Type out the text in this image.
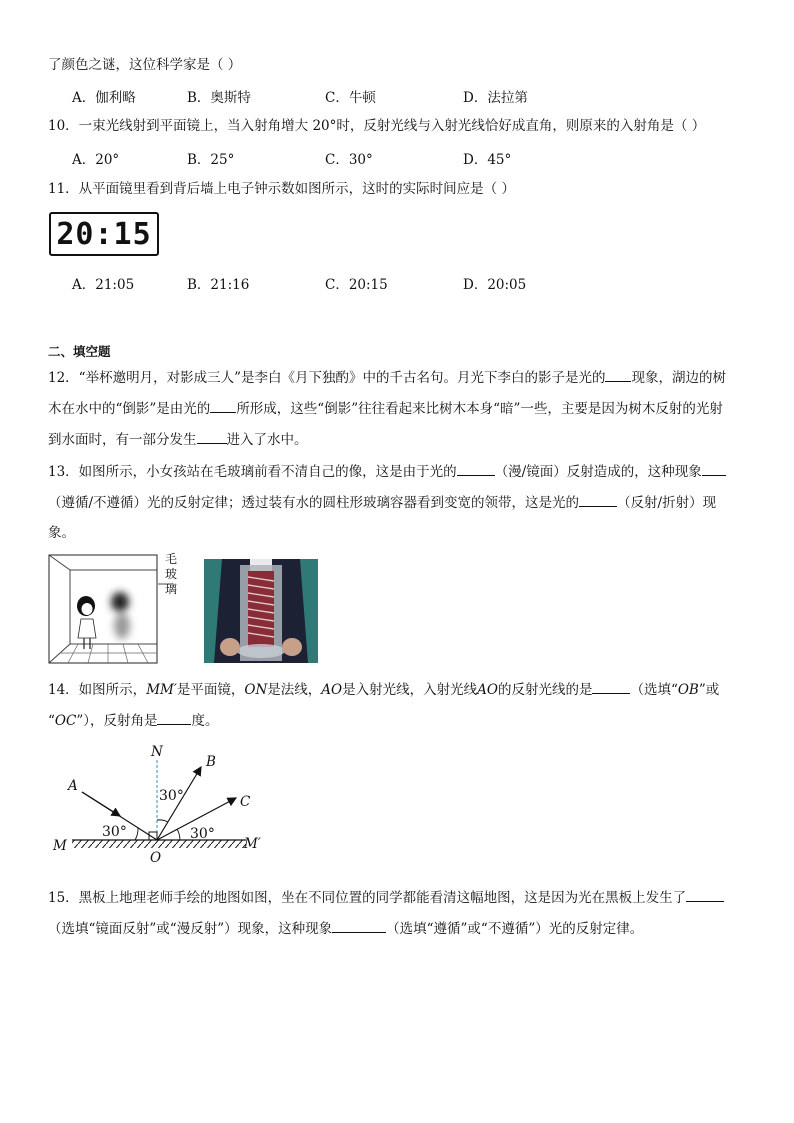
了颜色之谜，这位科学家是（ ）
A．伽利略	B．奥斯特	C．牛顿	D．法拉第
10．一束光线射到平面镜上，当入射角增大 20°时，反射光线与入射光线恰好成直角，则原来的入射角是（ ）
A．20°	B．25°	C．30°	D．45°
11．从平面镜里看到背后墙上电子钟示数如图所示，这时的实际时间应是（ ）
20:15
A．21:05	B．21:16	C．20:15	D．20:05
二、填空题
12．“举杯邀明月，对影成三人”是李白《月下独酌》中的千古名句。月光下李白的影子是光的 现象，湖边的树
木在水中的“倒影”是由光的 所形成，这些“倒影”往往看起来比树木本身“暗”一些，主要是因为树木反射的光射
到水面时，有一部分发生 进入了水中。
13．如图所示，小女孩站在毛玻璃前看不清自己的像，这是由于光的	（漫/镜面）反射造成的，这种现象
（遵循/不遵循）光的反射定律；透过装有水的圆柱形玻璃容器看到变宽的领带，这是光的	（反射/折射）现
象。
毛
玻
璃
14．如图所示，MM′是平面镜，ON是法线，AO是入射光线，入射光线AO的反射光线的是	（选填“OB”或
“OC”），反射角是	度。
N
B
C
A
M
O
M′
30°
30°	30°
15．黑板上地理老师手绘的地图如图，坐在不同位置的同学都能看清这幅地图，这是因为光在黑板上发生了
（选填“镜面反射”或“漫反射”）现象，这种现象	（选填“遵循”或“不遵循”）光的反射定律。
